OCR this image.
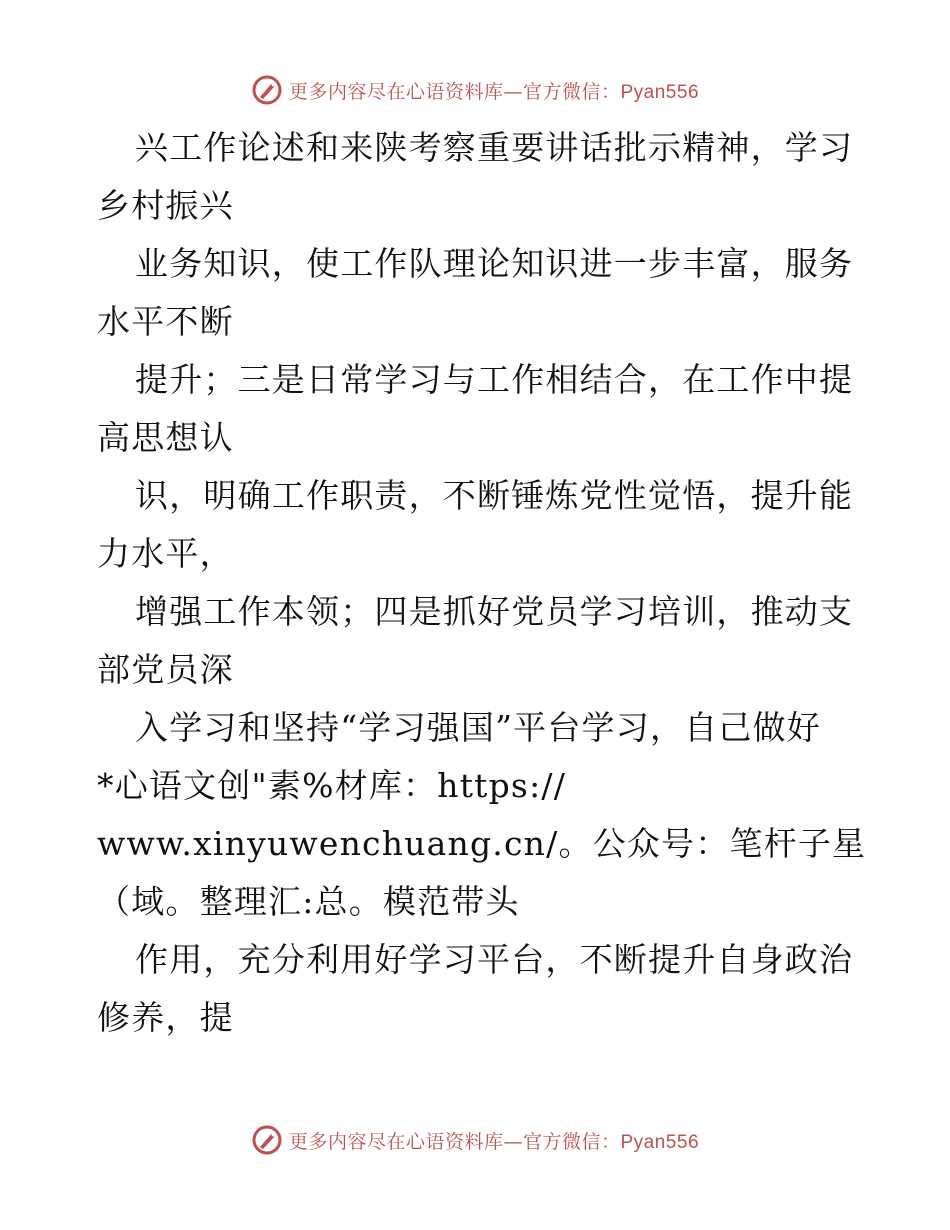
更多内容尽在心语资料库—官方微信：Pyan556
兴工作论述和来陕考察重要讲话批示精神，学习
乡村振兴
业务知识，使工作队理论知识进一步丰富，服务
水平不断
提升；三是日常学习与工作相结合，在工作中提
高思想认
识，明确工作职责，不断锤炼党性觉悟，提升能
力水平，
增强工作本领；四是抓好党员学习培训，推动支
部党员深
入学习和坚持“学习强国”平台学习，自己做好
*心语文创"素%材库：https://
www.xinyuwenchuang.cn/。公众号：笔杆子星
（域。整理汇:总。模范带头
作用，充分利用好学习平台，不断提升自身政治
修养，提
更多内容尽在心语资料库—官方微信：Pyan556
